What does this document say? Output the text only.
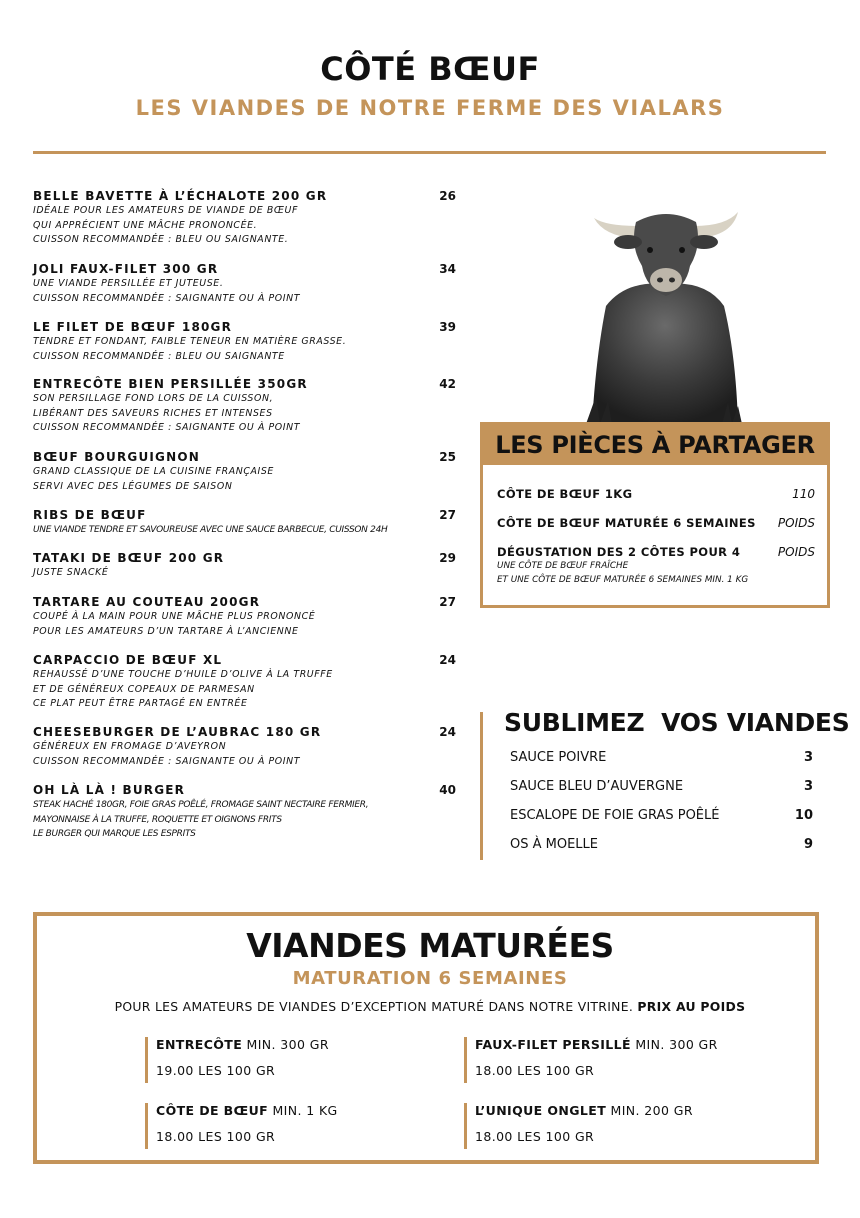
CÔTÉ BŒUF
LES VIANDES DE NOTRE FERME DES VIALARS
BELLE BAVETTE À L’ÉCHALOTE 200 GR	26
IDÉALE POUR LES AMATEURS DE VIANDE DE BŒUF
QUI APPRÉCIENT UNE MÂCHE PRONONCÉE.
CUISSON RECOMMANDÉE : BLEU OU SAIGNANTE.
JOLI FAUX-FILET 300 GR	34
UNE VIANDE PERSILLÉE ET JUTEUSE.
CUISSON RECOMMANDÉE : SAIGNANTE OU À POINT
LE FILET DE BŒUF 180GR	39
TENDRE ET FONDANT, FAIBLE TENEUR EN MATIÈRE GRASSE.
CUISSON RECOMMANDÉE : BLEU OU SAIGNANTE
ENTRECÔTE BIEN PERSILLÉE 350GR	42
SON PERSILLAGE FOND LORS DE LA CUISSON,
LIBÉRANT DES SAVEURS RICHES ET INTENSES
CUISSON RECOMMANDÉE : SAIGNANTE OU À POINT
BŒUF BOURGUIGNON	25
GRAND CLASSIQUE DE LA CUISINE FRANÇAISE
SERVI AVEC DES LÉGUMES DE SAISON
RIBS DE BŒUF	27
UNE VIANDE TENDRE ET SAVOUREUSE AVEC UNE SAUCE BARBECUE, CUISSON 24H
TATAKI DE BŒUF 200 GR	29
JUSTE SNACKÉ
TARTARE AU COUTEAU 200GR	27
COUPÉ À LA MAIN POUR UNE MÂCHE PLUS PRONONCÉ
POUR LES AMATEURS D’UN TARTARE À L’ANCIENNE
CARPACCIO DE BŒUF XL	24
REHAUSSÉ D’UNE TOUCHE D’HUILE D’OLIVE À LA TRUFFE
ET DE GÉNÉREUX COPEAUX DE PARMESAN
CE PLAT PEUT ÊTRE PARTAGÉ EN ENTRÉE
CHEESEBURGER DE L’AUBRAC 180 GR	24
GÉNÉREUX EN FROMAGE D’AVEYRON
CUISSON RECOMMANDÉE : SAIGNANTE OU À POINT
OH LÀ LÀ ! BURGER	40
STEAK HACHÉ 180GR, FOIE GRAS POÊLÉ, FROMAGE SAINT NECTAIRE FERMIER,
MAYONNAISE À LA TRUFFE, ROQUETTE ET OIGNONS FRITS
LE BURGER QUI MARQUE LES ESPRITS
LES PIÈCES À PARTAGER
CÔTE DE BŒUF 1KG	110
CÔTE DE BŒUF MATURÉE 6 SEMAINES	POIDS
DÉGUSTATION DES 2 CÔTES POUR 4	POIDS
UNE CÔTE DE BŒUF FRAÎCHE
ET UNE CÔTE DE BŒUF MATURÉE 6 SEMAINES MIN. 1 KG
SUBLIMEZ  VOS VIANDES
SAUCE POIVRE	3
SAUCE BLEU D’AUVERGNE	3
ESCALOPE DE FOIE GRAS POÊLÉ	10
OS À MOELLE	9
VIANDES MATURÉES
MATURATION 6 SEMAINES
POUR LES AMATEURS DE VIANDES D’EXCEPTION MATURÉ DANS NOTRE VITRINE. PRIX AU POIDS
ENTRECÔTE MIN. 300 GR
19.00 LES 100 GR
FAUX-FILET PERSILLÉ MIN. 300 GR
18.00 LES 100 GR
CÔTE DE BŒUF MIN. 1 KG
18.00 LES 100 GR
L’UNIQUE ONGLET MIN. 200 GR
18.00 LES 100 GR
